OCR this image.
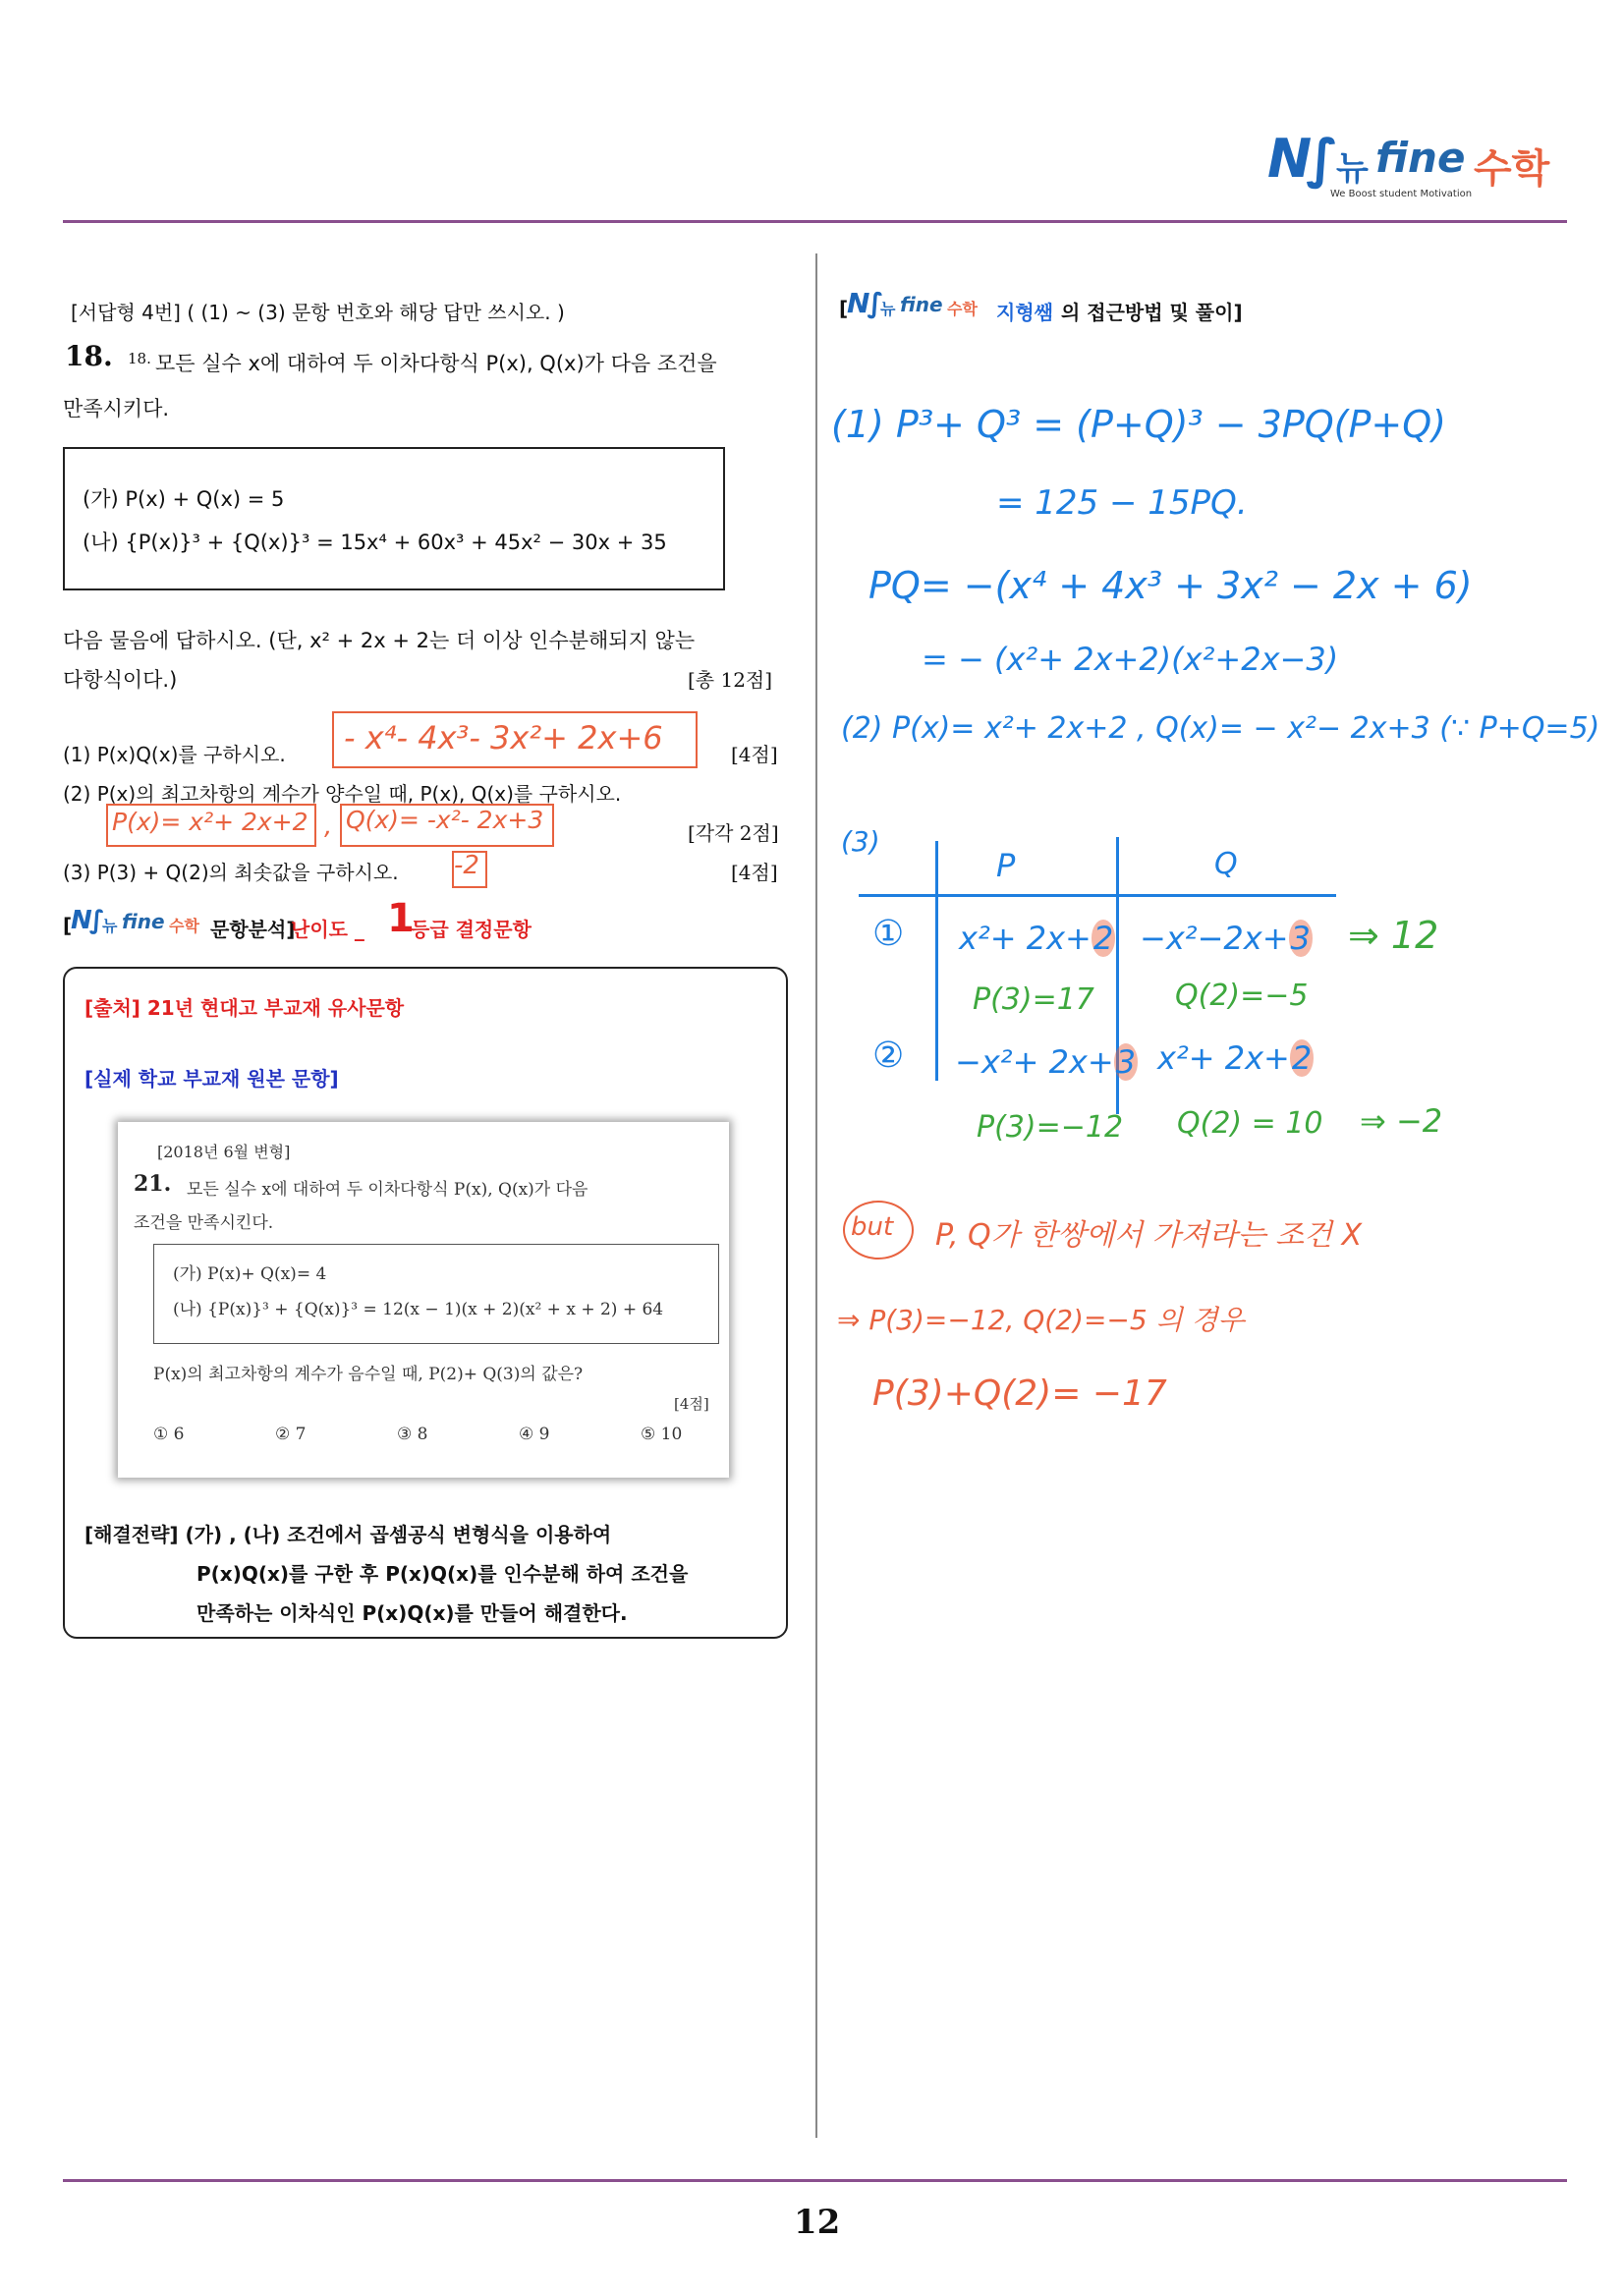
N∫ 뉴 fine 수학
We Boost student Motivation
[서답형 4번] ( (1) ~ (3) 문항 번호와 해당 답만 쓰시오. )
18. 18. 모든 실수 x에 대하여 두 이차다항식 P(x), Q(x)가 다음 조건을
만족시키다.
(가) P(x) + Q(x) = 5
(나) {P(x)}³ + {Q(x)}³ = 15x⁴ + 60x³ + 45x² − 30x + 35
다음 물음에 답하시오. (단, x² + 2x + 2는 더 이상 인수분해되지 않는
다항식이다.)	[총 12점]
(1) P(x)Q(x)를 구하시오. - x⁴- 4x³- 3x²+ 2x+6	[4점]
(2) P(x)의 최고차항의 계수가 양수일 때, P(x), Q(x)를 구하시오.
P(x)= x²+ 2x+2 , Q(x)= -x²- 2x+3	[각각 2점]
(3) P(3) + Q(2)의 최솟값을 구하시오. -2	[4점]
[
N∫ 뉴 fine 수학 문항분석]
난이도 _ 1
등급 결정문항
[출처] 21년 현대고 부교재 유사문항
[실제 학교 부교재 원본 문항]
[2018년 6월 변형]
21. 모든 실수 x에 대하여 두 이차다항식 P(x), Q(x)가 다음
조건을 만족시킨다.
(가) P(x)+ Q(x)= 4
(나) {P(x)}³ + {Q(x)}³ = 12(x − 1)(x + 2)(x² + x + 2) + 64
P(x)의 최고차항의 계수가 음수일 때, P(2)+ Q(3)의 값은?
[4점]
① 6	② 7	③ 8	④ 9	⑤ 10
[해결전략] (가) , (나) 조건에서 곱셈공식 변형식을 이용하여
P(x)Q(x)를 구한 후 P(x)Q(x)를 인수분해 하여 조건을
만족하는 이차식인 P(x)Q(x)를 만들어 해결한다.
[
N∫ 뉴 fine 수학 지형쌤 의 접근방법 및 풀이]
(1) P³+ Q³ = (P+Q)³ − 3PQ(P+Q)
= 125 − 15PQ.
PQ= −(x⁴ + 4x³ + 3x² − 2x + 6)
= − (x²+ 2x+2)(x²+2x−3)
(2) P(x)= x²+ 2x+2 , Q(x)= − x²− 2x+3 (∵ P+Q=5)
(3)
P	Q
① x²+ 2x+2 −x²−2x+3 ⇒ 12
P(3)=17	Q(2)=−5
② −x²+ 2x+3 x²+ 2x+2
P(3)=−12 Q(2) = 10 ⇒ −2
but P, Q가 한쌍에서 가져라는 조건 X
⇒ P(3)=−12, Q(2)=−5 의 경우
P(3)+Q(2)= −17
12
